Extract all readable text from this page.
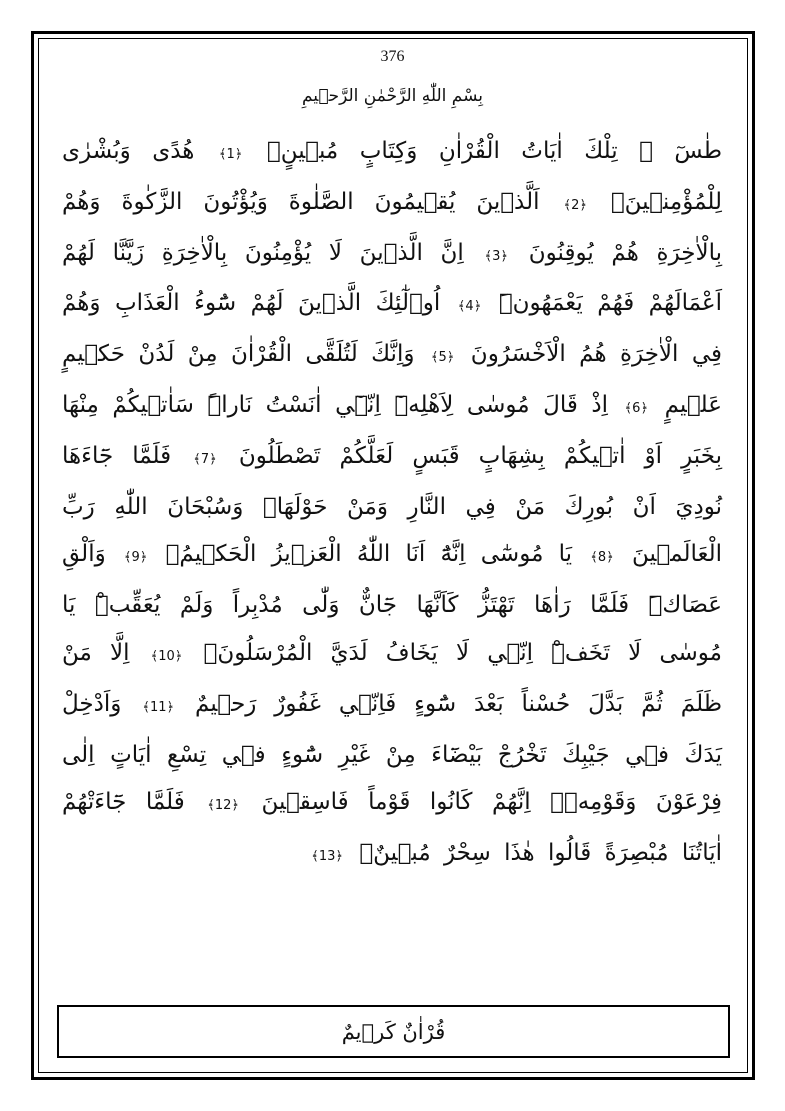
376
بِسْمِ اللّٰهِ الرَّحْمٰنِ الرَّح۪يمِ
طٰسٓ ۜ تِلْكَ اٰيَاتُ الْقُرْاٰنِ وَكِتَابٍ مُب۪ينٍۙ ﴿1﴾ هُدًى وَبُشْرٰى لِلْمُؤْمِن۪ينَۙ ﴿2﴾ اَلَّذ۪ينَ يُق۪يمُونَ الصَّلٰوةَ وَيُؤْتُونَ الزَّكٰوةَ وَهُمْ بِالْاٰخِرَةِ هُمْ يُوقِنُونَ ﴿3﴾ اِنَّ الَّذ۪ينَ لَا يُؤْمِنُونَ بِالْاٰخِرَةِ زَيَّنَّا لَهُمْ اَعْمَالَهُمْ فَهُمْ يَعْمَهُونَۜ ﴿4﴾ اُو۬لٰٓئِكَ الَّذ۪ينَ لَهُمْ سُٓوءُ الْعَذَابِ وَهُمْ فِي الْاٰخِرَةِ هُمُ الْاَخْسَرُونَ ﴿5﴾ وَاِنَّكَ لَتُلَقَّى الْقُرْاٰنَ مِنْ لَدُنْ حَك۪يمٍ عَل۪يمٍ ﴿6﴾ اِذْ قَالَ مُوسٰى لِاَهْلِه۪ٓ اِنّ۪ٓي اٰنَسْتُ نَاراًۜ سَاٰت۪يكُمْ مِنْهَا بِخَبَرٍ اَوْ اٰت۪يكُمْ بِشِهَابٍ قَبَسٍ لَعَلَّكُمْ تَصْطَلُونَ ﴿7﴾ فَلَمَّا جَٓاءَهَا نُودِيَ اَنْ بُورِكَ مَنْ فِي النَّارِ وَمَنْ حَوْلَهَاۜ وَسُبْحَانَ اللّٰهِ رَبِّ الْعَالَم۪ينَ ﴿8﴾ يَا مُوسٰٓى اِنَّهُٓ اَنَا اللّٰهُ الْعَز۪يزُ الْحَك۪يمُۙ ﴿9﴾ وَاَلْقِ عَصَاكَۜ فَلَمَّا رَاٰهَا تَهْتَزُّ كَاَنَّهَا جَٓانٌّ وَلّٰى مُدْبِراً وَلَمْ يُعَقِّبْۜ يَا مُوسٰى لَا تَخَفْۜ اِنّ۪ي لَا يَخَافُ لَدَيَّ الْمُرْسَلُونَۗ ﴿10﴾ اِلَّا مَنْ ظَلَمَ ثُمَّ بَدَّلَ حُسْناً بَعْدَ سُٓوءٍ فَاِنّ۪ي غَفُورٌ رَح۪يمٌ ﴿11﴾ وَاَدْخِلْ يَدَكَ ف۪ي جَيْبِكَ تَخْرُجْ بَيْضَٓاءَ مِنْ غَيْرِ سُٓوءٍ ف۪ي تِسْعِ اٰيَاتٍ اِلٰى فِرْعَوْنَ وَقَوْمِه۪ۜ اِنَّهُمْ كَانُوا قَوْماً فَاسِق۪ينَ ﴿12﴾ فَلَمَّا جَٓاءَتْهُمْ اٰيَاتُنَا مُبْصِرَةً قَالُوا هٰذَا سِحْرٌ مُب۪ينٌۚ ﴿13﴾
قُرْاٰنٌ كَر۪يمٌ
